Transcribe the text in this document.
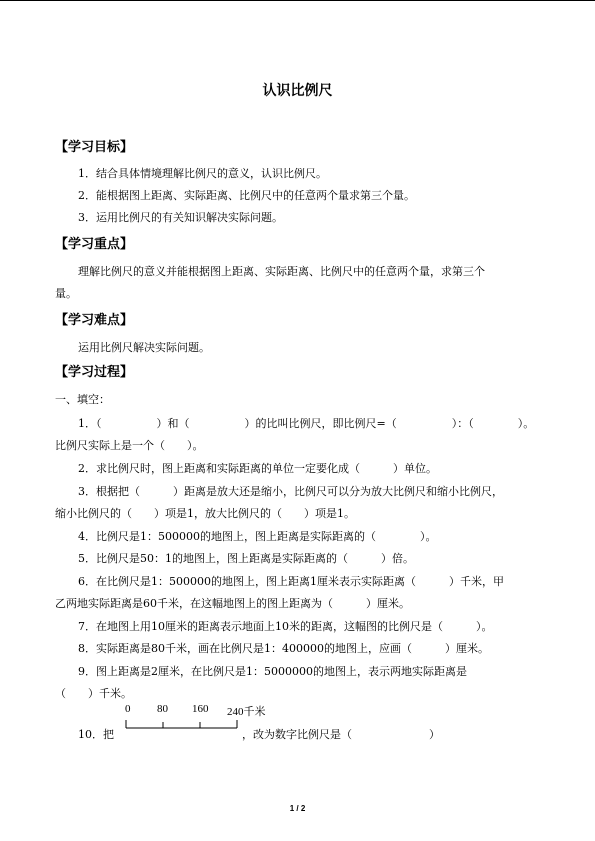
认识比例尺
【学习目标】
1．结合具体情境理解比例尺的意义，认识比例尺。
2．能根据图上距离、实际距离、比例尺中的任意两个量求第三个量。
3．运用比例尺的有关知识解决实际问题。
【学习重点】
理解比例尺的意义并能根据图上距离、实际距离、比例尺中的任意两个量，求第三个
量。
【学习难点】
运用比例尺解决实际问题。
【学习过程】
一、填空：
1．（　　　　　）和（　　　　　）的比叫比例尺，即比例尺=（　　　　　）：（　　　　）。
比例尺实际上是一个（　　）。
2．求比例尺时，图上距离和实际距离的单位一定要化成（　　　）单位。
3．根据把（　　　）距离是放大还是缩小，比例尺可以分为放大比例尺和缩小比例尺，
缩小比例尺的（　　）项是1，放大比例尺的（　　）项是1。
4．比例尺是1：500000的地图上，图上距离是实际距离的（　　　　）。
5．比例尺是50：1的地图上，图上距离是实际距离的（　　　）倍。
6．在比例尺是1：500000的地图上，图上距离1厘米表示实际距离（　　　）千米，甲
乙两地实际距离是60千米，在这幅地图上的图上距离为（　　　）厘米。
7．在地图上用10厘米的距离表示地面上10米的距离，这幅图的比例尺是（　　　）。
8．实际距离是80千米，画在比例尺是1：400000的地图上，应画（　　　）厘米。
9．图上距离是2厘米，在比例尺是1：5000000的地图上，表示两地实际距离是
（　　）千米。
0 80 160 240千米
10．把	，改为数字比例尺是（　　　　　　　）
1 / 2
